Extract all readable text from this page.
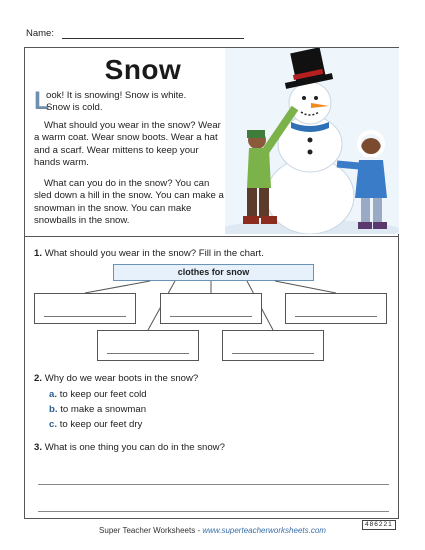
Name:
Snow
L

ook! It is snowing! Snow is white.

Snow is cold.

What should you wear in the snow? Wear a warm coat. Wear snow boots. Wear a hat and a scarf. Wear mittens to keep your hands warm.
What can you do in the snow? You can sled down a hill in the snow. You can make a snowman in the snow. You can make snowballs in the snow.
1. What should you wear in the snow? Fill in the chart.
clothes for snow
2. Why do we wear boots in the snow?
a. to keep our feet cold
b. to make a snowman
c. to keep our feet dry
3. What is one thing you can do in the snow?
Super Teacher Worksheets - www.superteacherworksheets.com
486221
